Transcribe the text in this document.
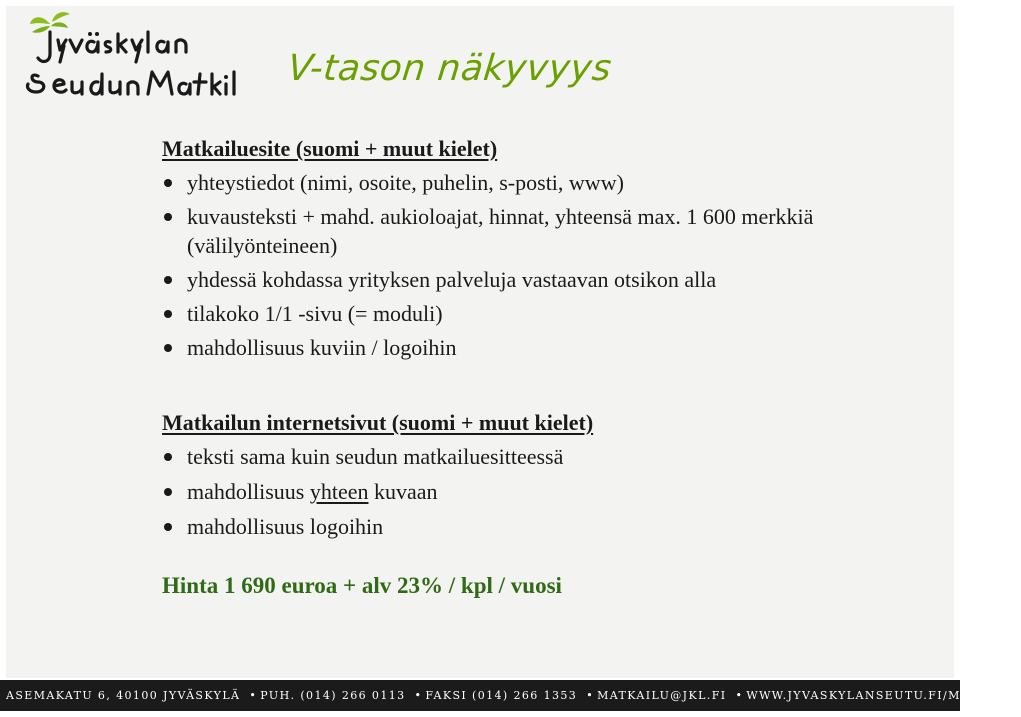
V-tason näkyvyys

Matkailuesite (suomi + muut kielet)

yhteystiedot (nimi, osoite, puhelin, s-posti, www)
kuvausteksti + mahd. aukioloajat, hinnat, yhteensä max. 1 600 merkkiä (välilyönteineen)
yhdessä kohdassa yrityksen palveluja vastaavan otsikon alla
tilakoko 1/1 -sivu (= moduli)
mahdollisuus kuviin / logoihin

Matkailun internetsivut (suomi + muut kielet)

teksti sama kuin seudun matkailuesitteessä
mahdollisuus yhteen kuvaan
mahdollisuus logoihin

Hinta 1 690 euroa + alv 23% / kpl / vuosi

ASEMAKATU 6, 40100 JYVÄSKYLÄ • PUH. (014) 266 0113 • FAKSI (014) 266 1353 • MATKAILU@JKL.FI • WWW.JYVASKYLANSEUTU.FI/MATKAILU
